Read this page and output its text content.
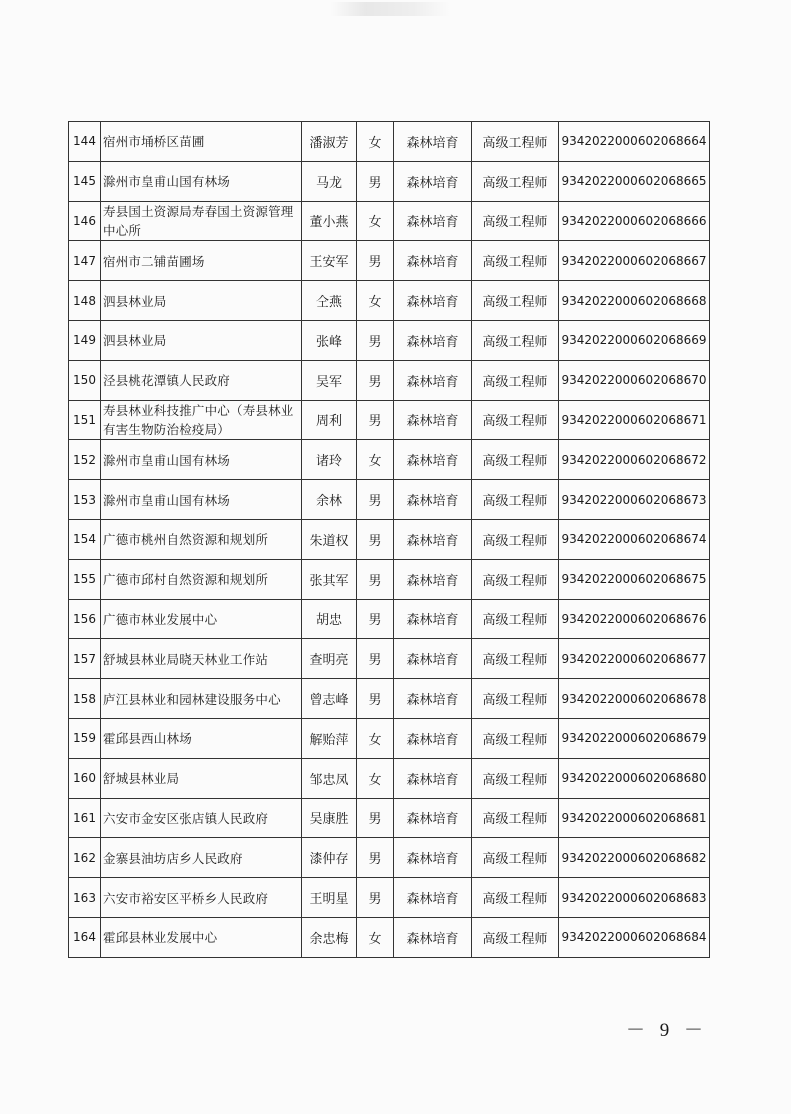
144	宿州市埇桥区苗圃	潘淑芳	女	森林培育	高级工程师	93420220006020686​64
145	滁州市皇甫山国有林场	马龙	男	森林培育	高级工程师	934202200060206866​5
146	寿县国土资源局寿春国土资源管理中心所	董小燕	女	森林培育	高级工程师	934202200060206866​6
147	宿州市二铺苗圃场	王安军	男	森林培育	高级工程师	934202200060206866​7
148	泗县林业局	仝燕	女	森林培育	高级工程师	934202200060206866​8
149	泗县林业局	张峰	男	森林培育	高级工程师	934202200060206866​9
150	泾县桃花潭镇人民政府	吴军	男	森林培育	高级工程师	934202200060206867​0
151	寿县林业科技推广中心（寿县林业有害生物防治检疫局）	周利	男	森林培育	高级工程师	934202200060206867​1
152	滁州市皇甫山国有林场	诸玲	女	森林培育	高级工程师	934202200060206867​2
153	滁州市皇甫山国有林场	余林	男	森林培育	高级工程师	934202200060206867​3
154	广德市桃州自然资源和规划所	朱道权	男	森林培育	高级工程师	934202200060206867​4
155	广德市邱村自然资源和规划所	张其军	男	森林培育	高级工程师	934202200060206867​5
156	广德市林业发展中心	胡忠	男	森林培育	高级工程师	934202200060206867​6
157	舒城县林业局晓天林业工作站	查明亮	男	森林培育	高级工程师	934202200060206867​7
158	庐江县林业和园林建设服务中心	曾志峰	男	森林培育	高级工程师	934202200060206867​8
159	霍邱县西山林场	解贻萍	女	森林培育	高级工程师	934202200060206867​9
160	舒城县林业局	邹忠凤	女	森林培育	高级工程师	934202200060206868​0
161	六安市金安区张店镇人民政府	吴康胜	男	森林培育	高级工程师	934202200060206868​1
162	金寨县油坊店乡人民政府	漆仲存	男	森林培育	高级工程师	934202200060206868​2
163	六安市裕安区平桥乡人民政府	王明星	男	森林培育	高级工程师	934202200060206868​3
164	霍邱县林业发展中心	余忠梅	女	森林培育	高级工程师	934202200060206868​4
－ 9 －
